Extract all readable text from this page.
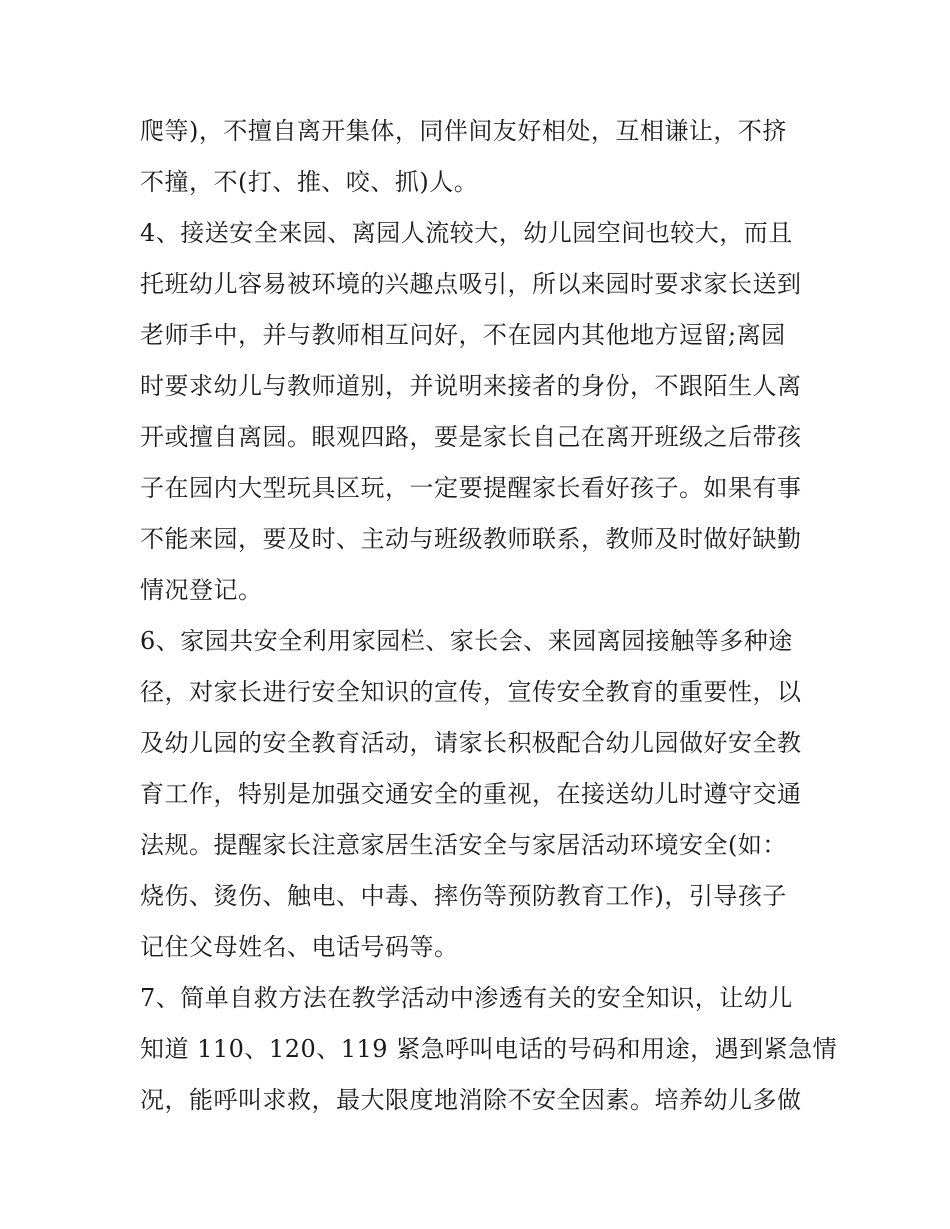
爬等)，不擅自离开集体，同伴间友好相处，互相谦让，不挤
不撞，不(打、推、咬、抓)人。
4、接送安全来园、离园人流较大，幼儿园空间也较大，而且
托班幼儿容易被环境的兴趣点吸引，所以来园时要求家长送到
老师手中，并与教师相互问好，不在园内其他地方逗留;离园
时要求幼儿与教师道别，并说明来接者的身份，不跟陌生人离
开或擅自离园。眼观四路，要是家长自己在离开班级之后带孩
子在园内大型玩具区玩，一定要提醒家长看好孩子。如果有事
不能来园，要及时、主动与班级教师联系，教师及时做好缺勤
情况登记。
6、家园共安全利用家园栏、家长会、来园离园接触等多种途
径，对家长进行安全知识的宣传，宣传安全教育的重要性，以
及幼儿园的安全教育活动，请家长积极配合幼儿园做好安全教
育工作，特别是加强交通安全的重视，在接送幼儿时遵守交通
法规。提醒家长注意家居生活安全与家居活动环境安全(如：
烧伤、烫伤、触电、中毒、摔伤等预防教育工作)，引导孩子
记住父母姓名、电话号码等。
7、简单自救方法在教学活动中渗透有关的安全知识，让幼儿
知道 110、120、119 紧急呼叫电话的号码和用途，遇到紧急情
况，能呼叫求救，最大限度地消除不安全因素。培养幼儿多做
